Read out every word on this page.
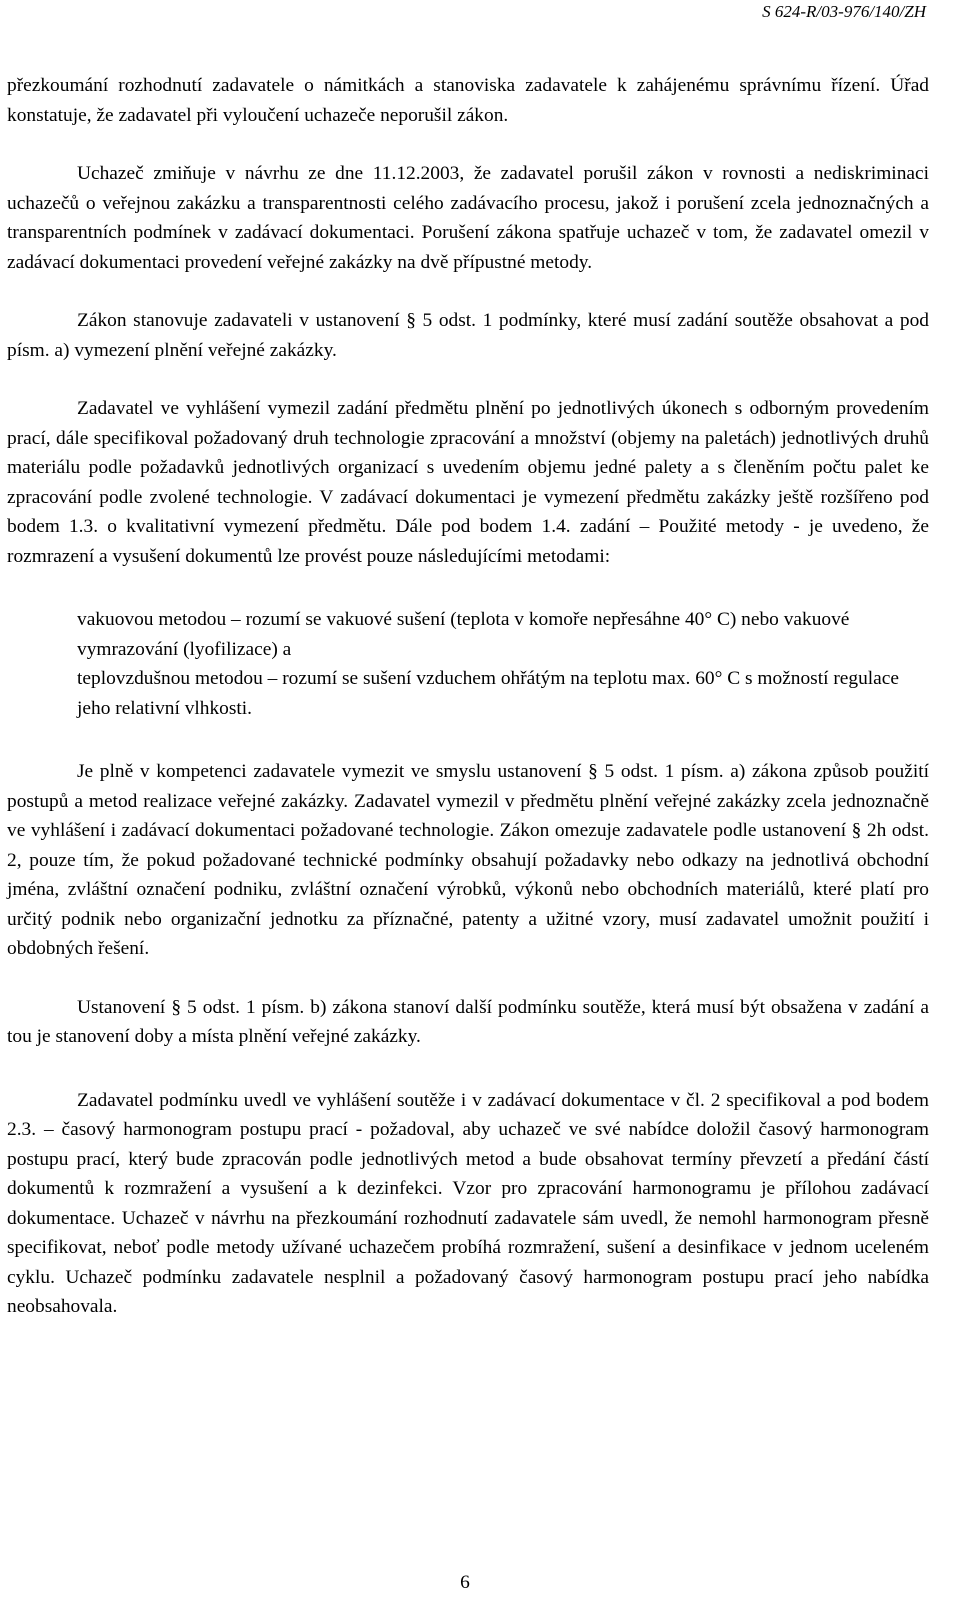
S 624-R/03-976/140/ZH

přezkoumání rozhodnutí zadavatele o námitkách a stanoviska zadavatele k zahájenému správnímu řízení. Úřad konstatuje, že zadavatel při vyloučení uchazeče neporušil zákon.

Uchazeč zmiňuje v návrhu ze dne 11.12.2003, že zadavatel porušil zákon v rovnosti a nediskriminaci uchazečů o veřejnou zakázku a transparentnosti celého zadávacího procesu, jakož i porušení zcela jednoznačných a transparentních podmínek v zadávací dokumentaci. Porušení zákona spatřuje uchazeč v tom, že zadavatel omezil v zadávací dokumentaci provedení veřejné zakázky na dvě přípustné metody.

Zákon stanovuje zadavateli v ustanovení § 5 odst. 1 podmínky, které musí zadání soutěže obsahovat a pod písm. a) vymezení plnění veřejné zakázky.

Zadavatel ve vyhlášení vymezil zadání předmětu plnění po jednotlivých úkonech s odborným provedením prací, dále specifikoval požadovaný druh technologie zpracování a množství (objemy na paletách) jednotlivých druhů materiálu podle požadavků jednotlivých organizací s uvedením objemu jedné palety a s členěním počtu palet ke zpracování podle zvolené technologie. V zadávací dokumentaci je vymezení předmětu zakázky ještě rozšířeno pod bodem 1.3. o kvalitativní vymezení předmětu. Dále pod bodem 1.4. zadání – Použité metody - je uvedeno, že rozmrazení a vysušení dokumentů lze provést pouze následujícími metodami:

vakuovou metodou – rozumí se vakuové sušení (teplota v komoře nepřesáhne 40° C) nebo vakuové vymrazování (lyofilizace) a

teplovzdušnou metodou – rozumí se sušení vzduchem ohřátým na teplotu max. 60° C s možností regulace jeho relativní vlhkosti.

Je plně v kompetenci zadavatele vymezit ve smyslu ustanovení § 5 odst. 1 písm. a) zákona způsob použití postupů a metod realizace veřejné zakázky. Zadavatel vymezil v předmětu plnění veřejné zakázky zcela jednoznačně ve vyhlášení i zadávací dokumentaci požadované technologie. Zákon omezuje zadavatele podle ustanovení § 2h odst. 2, pouze tím, že pokud požadované technické podmínky obsahují požadavky nebo odkazy na jednotlivá obchodní jména, zvláštní označení podniku, zvláštní označení výrobků, výkonů nebo obchodních materiálů, které platí pro určitý podnik nebo organizační jednotku za příznačné, patenty a užitné vzory, musí zadavatel umožnit použití i obdobných řešení.

Ustanovení § 5 odst. 1 písm. b) zákona stanoví další podmínku soutěže, která musí být obsažena v zadání a tou je stanovení doby a místa plnění veřejné zakázky.

Zadavatel podmínku uvedl ve vyhlášení soutěže i v zadávací dokumentace v čl. 2 specifikoval a pod bodem 2.3. – časový harmonogram postupu prací - požadoval, aby uchazeč ve své nabídce doložil časový harmonogram postupu prací, který bude zpracován podle jednotlivých metod a bude obsahovat termíny převzetí a předání částí dokumentů k rozmražení a vysušení a k dezinfekci. Vzor pro zpracování harmonogramu je přílohou zadávací dokumentace. Uchazeč v návrhu na přezkoumání rozhodnutí zadavatele sám uvedl, že nemohl harmonogram přesně specifikovat, neboť podle metody užívané uchazečem probíhá rozmražení, sušení a desinfikace v jednom uceleném cyklu. Uchazeč podmínku zadavatele nesplnil a požadovaný časový harmonogram postupu prací jeho nabídka neobsahovala.

6
